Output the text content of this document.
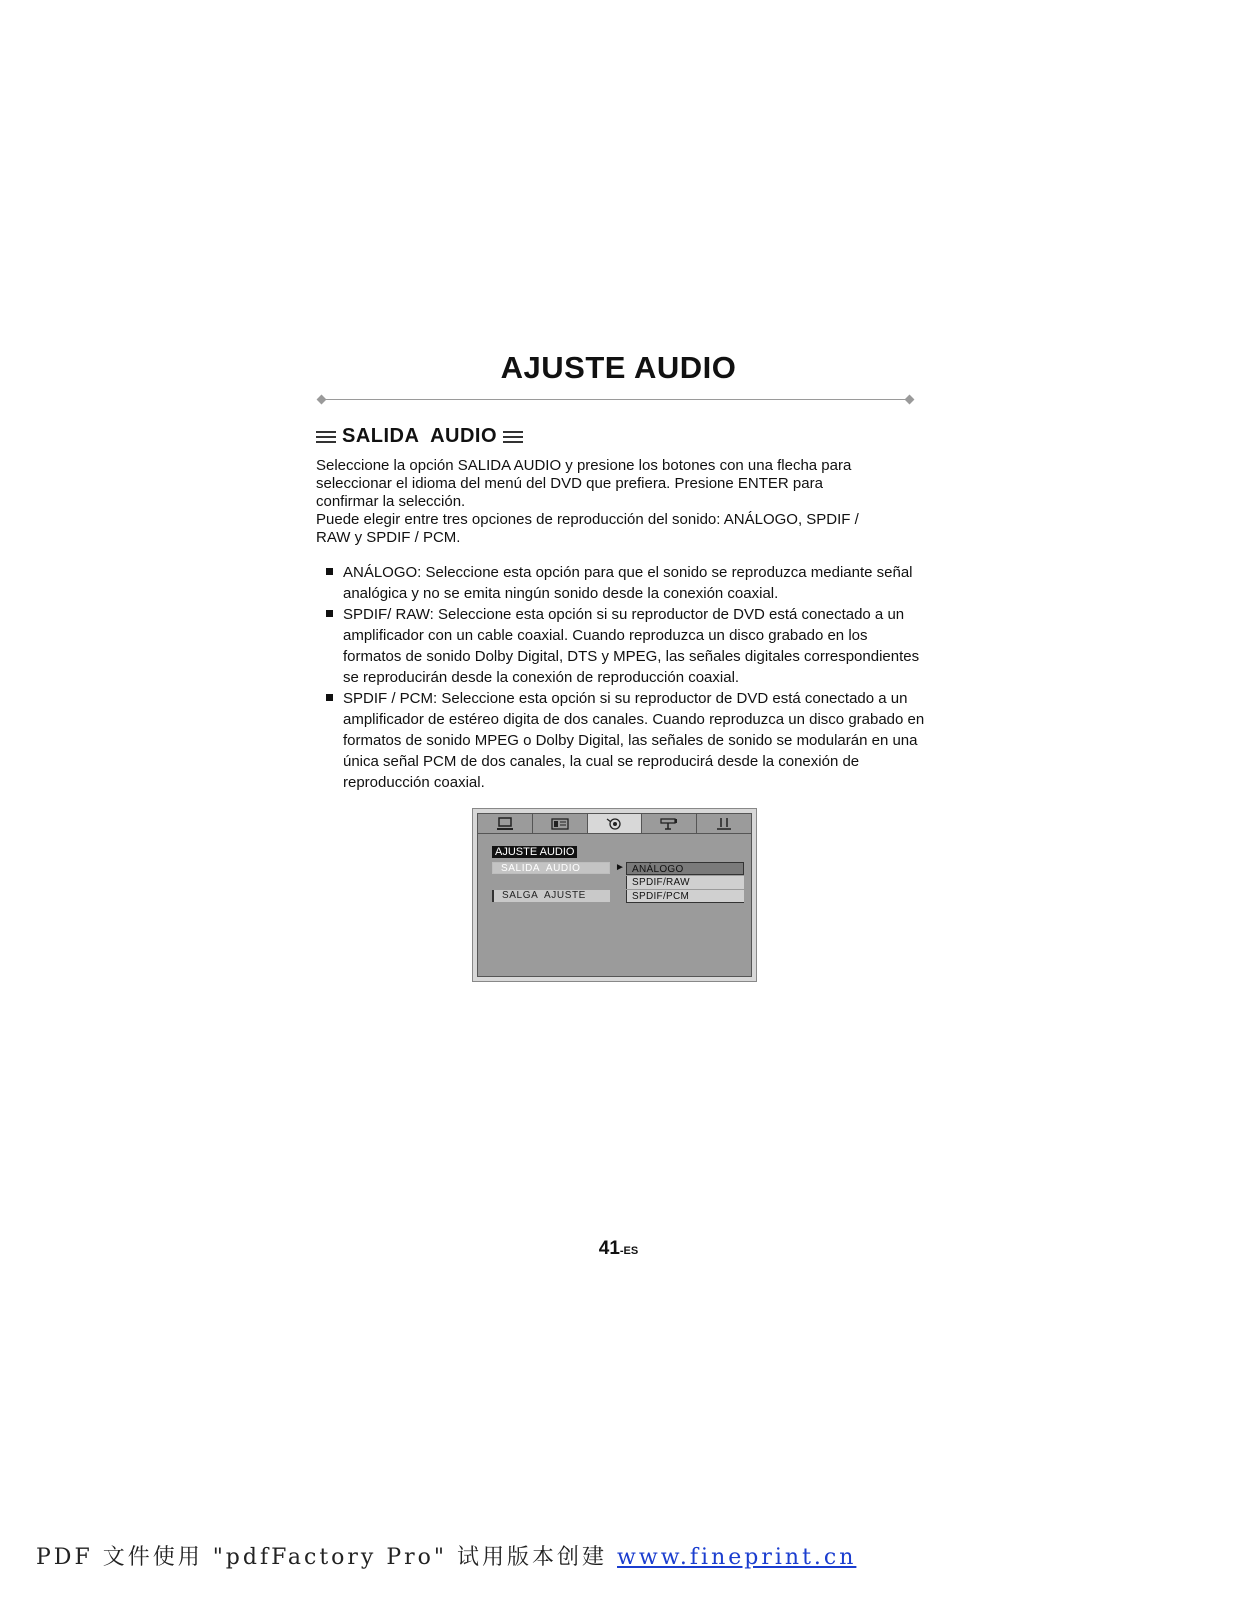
AJUSTE AUDIO
SALIDA  AUDIO

Seleccione la opción SALIDA AUDIO y presione los botones con una flecha para

seleccionar el idioma del menú del DVD que prefiera. Presione ENTER para

confirmar la selección.

Puede elegir entre tres opciones de reproducción del sonido: ANÁLOGO, SPDIF /

RAW y SPDIF / PCM.

ANÁLOGO: Seleccione esta opción para que el sonido se reproduzca mediante señal analógica y no se emita ningún sonido desde la conexión coaxial.
SPDIF/ RAW: Seleccione esta opción si su reproductor de DVD está conectado a un amplificador con un cable coaxial. Cuando reproduzca un disco grabado en los formatos de sonido Dolby Digital, DTS y MPEG, las señales digitales correspondientes se reproducirán desde la conexión de reproducción coaxial.
SPDIF / PCM: Seleccione esta opción si su reproductor de DVD está conectado a un amplificador de estéreo digita de dos canales. Cuando reproduzca un disco grabado en formatos de sonido MPEG o Dolby Digital, las señales de sonido se modularán en una única señal PCM de dos canales, la cual se reproducirá desde la conexión de reproducción coaxial.
AJUSTE AUDIO
SALIDA  AUDIO	►
SALGA  AJUSTE
ANÁLOGO
SPDIF/RAW
SPDIF/PCM
41-ES
PDF 文件使用 "pdfFactory Pro" 试用版本创建 www.fineprint.cn
